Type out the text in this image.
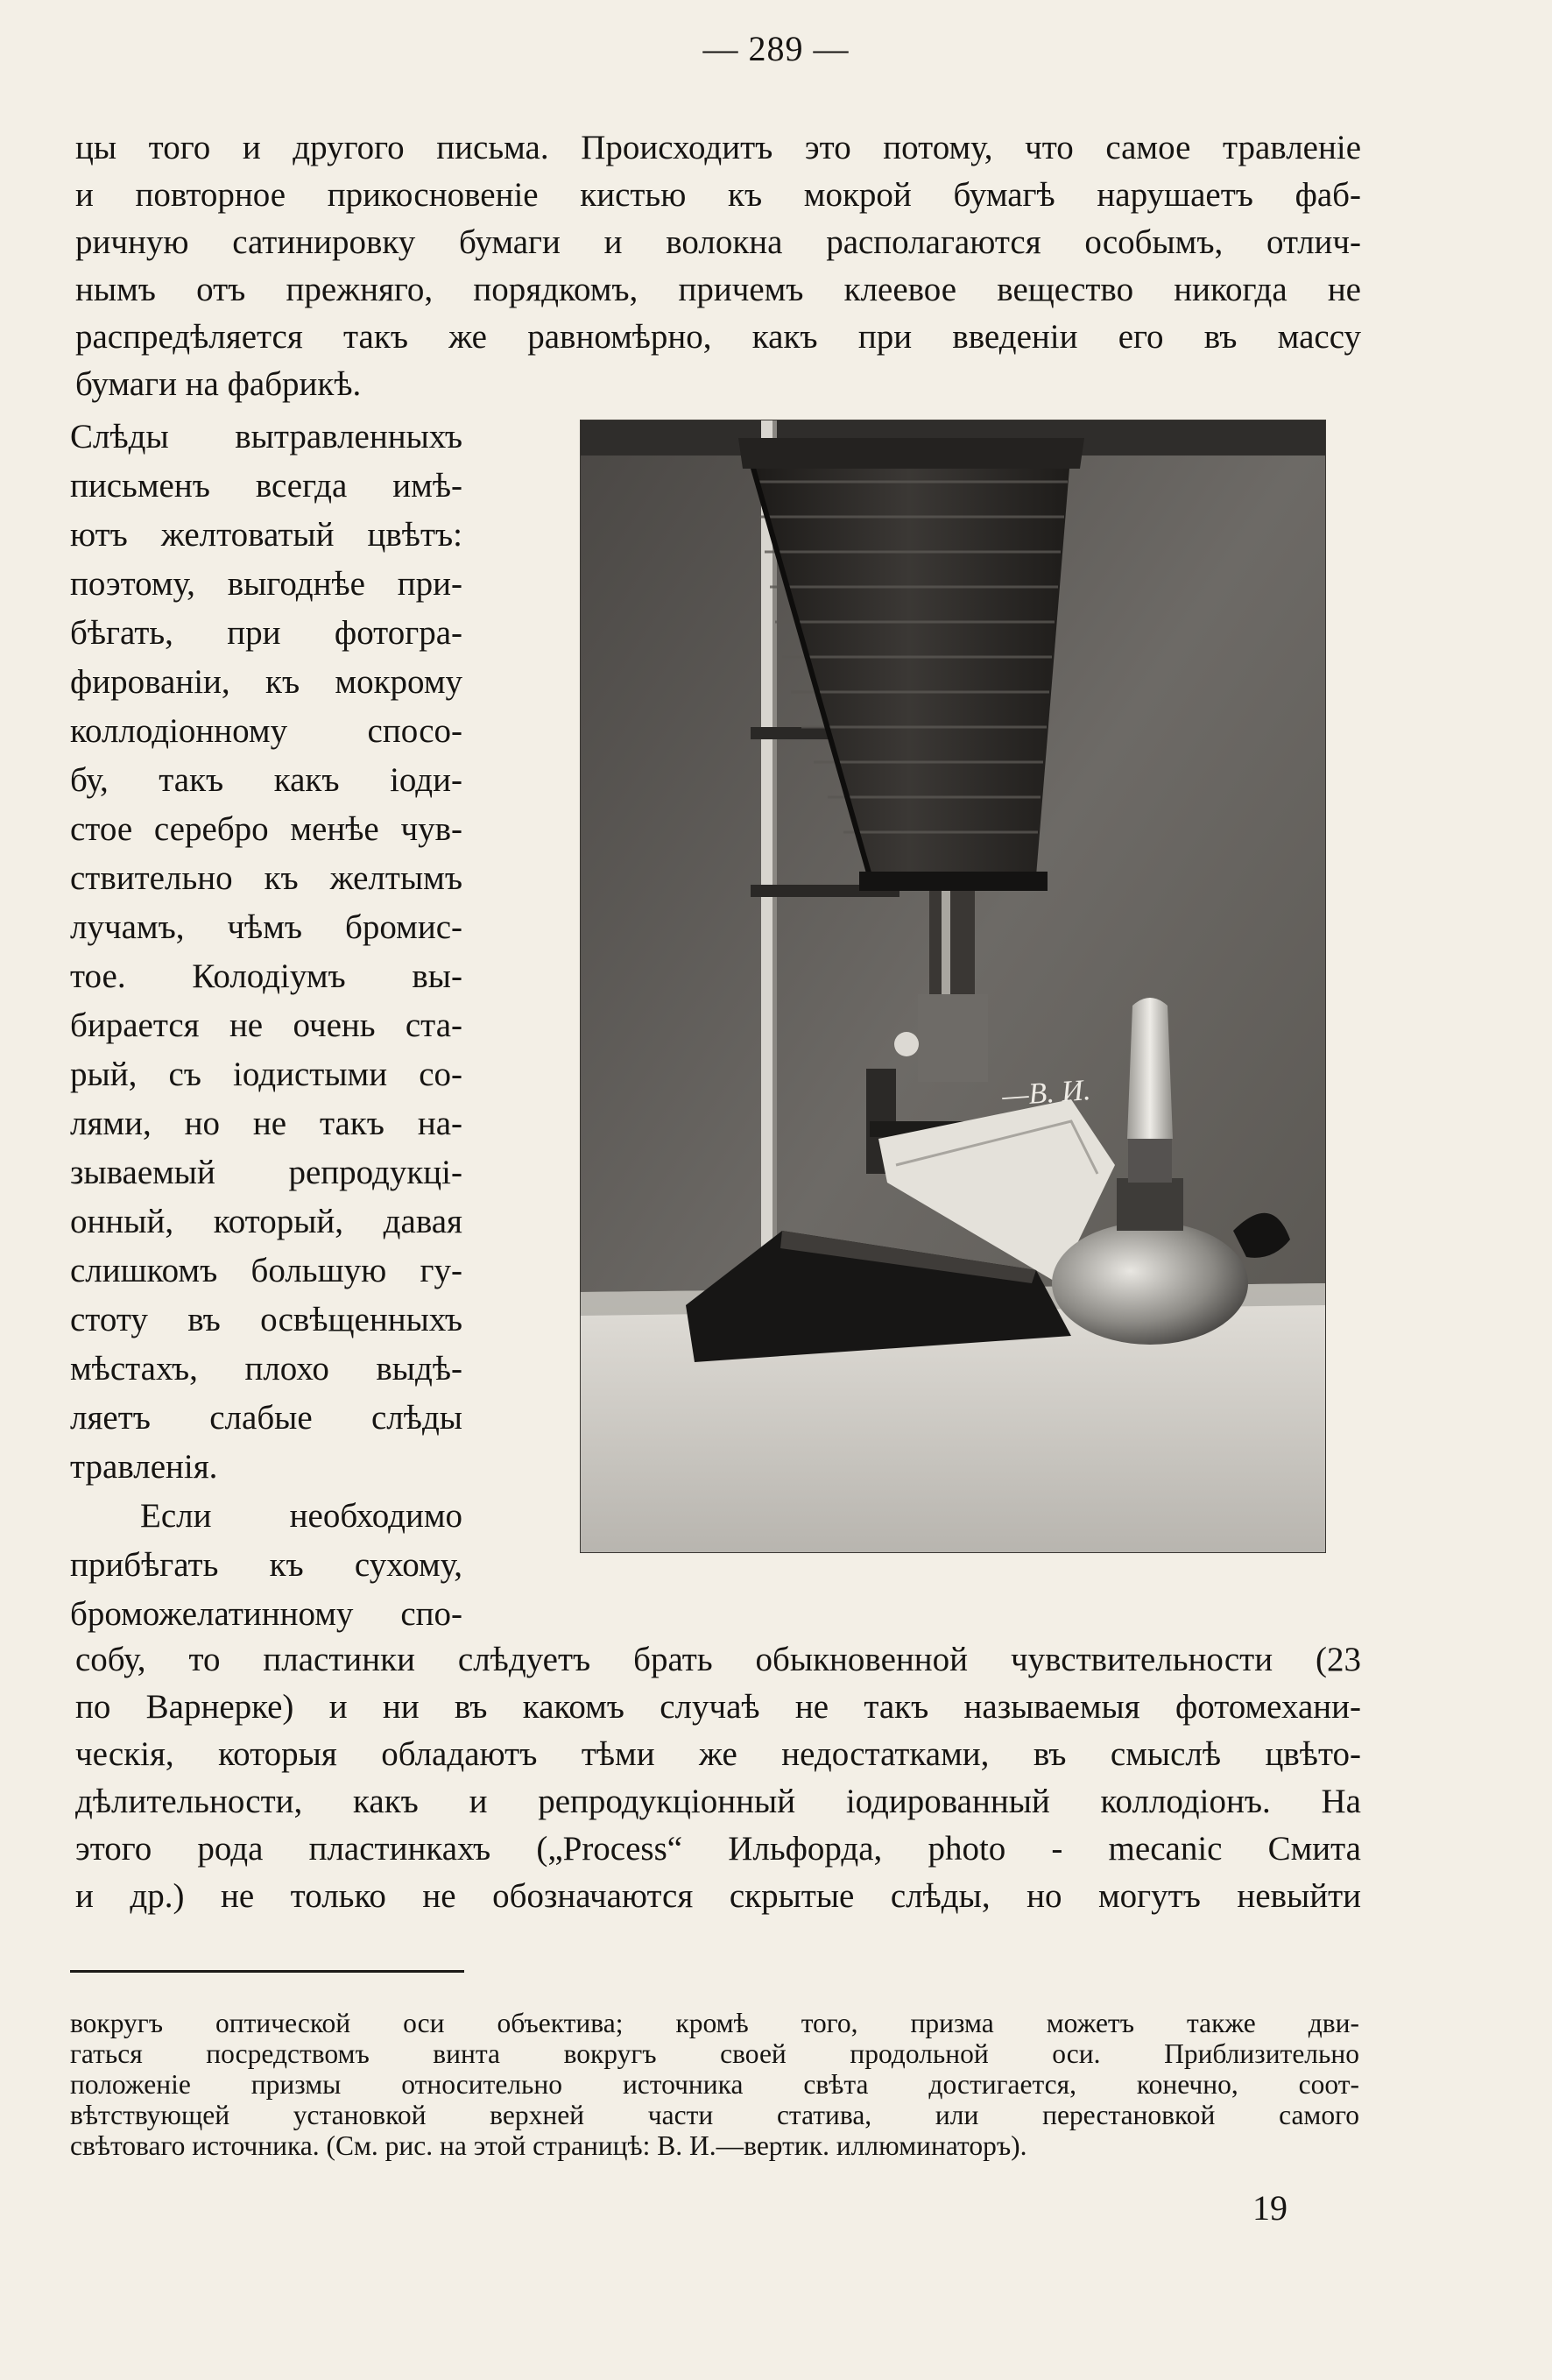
— 289 —

цы того и другого письма. Происходитъ это потому, что самое травленіе

и повторное прикосновеніе кистью къ мокрой бумагѣ нарушаетъ фаб-

ричную сатинировку бумаги и волокна располагаются особымъ, отлич-

нымъ отъ прежняго, порядкомъ, причемъ клеевое вещество никогда не

распредѣляется такъ же равномѣрно, какъ при введеніи его въ массу

бумаги на фабрикѣ.

Слѣды вытравленныхъ

письменъ всегда имѣ-

ютъ желтоватый цвѣтъ:

поэтому, выгоднѣе при-

бѣгать, при фотогра-

фированіи, къ мокрому

коллодіонному спосо-

бу, такъ какъ іоди-

стое серебро менѣе чув-

ствительно къ желтымъ

лучамъ, чѣмъ бромис-

тое. Колодіумъ вы-

бирается не очень ста-

рый, съ іодистыми со-

лями, но не такъ на-

зываемый репродукці-

онный, который, давая

слишкомъ большую гу-

стоту въ освѣщенныхъ

мѣстахъ, плохо выдѣ-

ляетъ слабые слѣды

травленія.

Если необходимо

прибѣгать къ сухому,

броможелатинному спо-

собу, то пластинки слѣдуетъ брать обыкновенной чувствительности (23

по Варнерке) и ни въ какомъ случаѣ не такъ называемыя фотомехани-

ческія, которыя обладаютъ тѣми же недостатками, въ смыслѣ цвѣто-

дѣлительности, какъ и репродукціонный іодированный коллодіонъ. На

этого рода пластинкахъ („Process“ Ильфорда, photo - mecanic Смита

и др.) не только не обозначаются скрытые слѣды, но могутъ невыйти

—В. И.

вокругъ оптической оси объектива; кромѣ того, призма можетъ также дви-

гаться посредствомъ винта вокругъ своей продольной оси. Приблизительно

положеніе призмы относительно источника свѣта достигается, конечно, соот-

вѣтствующей установкой верхней части статива, или перестановкой самого

свѣтоваго источника. (См. рис. на этой страницѣ: В. И.—вертик. иллюминаторъ).

19
